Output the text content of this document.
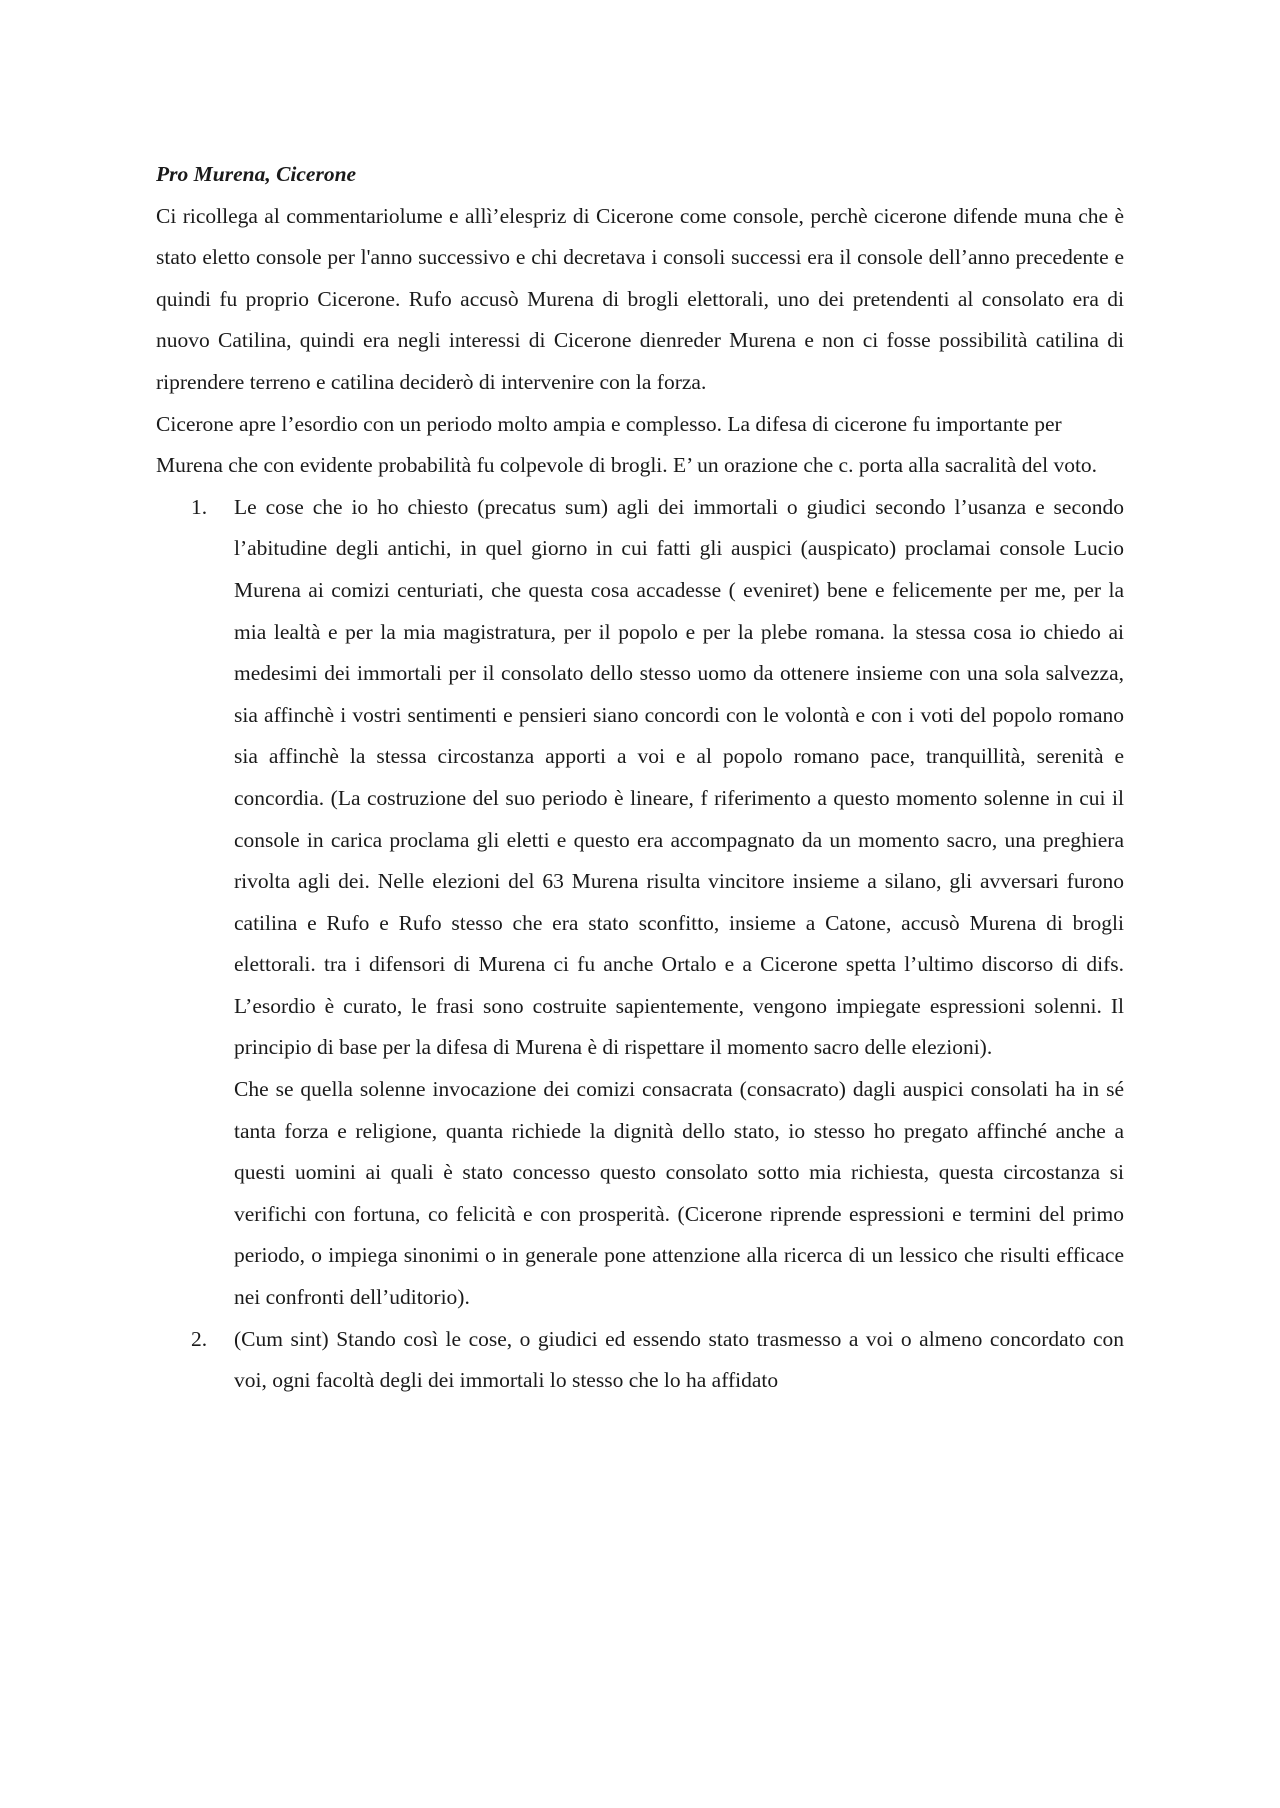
Pro Murena, Cicerone

Ci ricollega al commentariolume e allì’elespriz di Cicerone come console, perchè cicerone difende muna che è stato eletto console per l'anno successivo e chi decretava i consoli successi era il console dell’anno precedente e quindi fu proprio Cicerone. Rufo accusò Murena di brogli elettorali, uno dei pretendenti al consolato era di nuovo Catilina, quindi era negli interessi di Cicerone dienreder Murena e non ci fosse possibilità catilina di riprendere terreno e catilina deciderò di intervenire con la forza.

Cicerone apre l’esordio con un periodo molto ampia e complesso. La difesa di cicerone fu importante per Murena che con evidente probabilità fu colpevole di brogli. E’ un orazione che c. porta alla sacralità del voto.

1. Le cose che io ho chiesto (precatus sum) agli dei immortali o giudici secondo l’usanza e secondo l’abitudine degli antichi, in quel giorno in cui fatti gli auspici (auspicato) proclamai console Lucio Murena ai comizi centuriati, che questa cosa accadesse ( eveniret) bene e felicemente per me, per la mia lealtà e per la mia magistratura, per il popolo e per la plebe romana. la stessa cosa io chiedo ai medesimi dei immortali per il consolato dello stesso uomo da ottenere insieme con una sola salvezza, sia affinchè i vostri sentimenti e pensieri siano concordi con le volontà e con i voti del popolo romano sia affinchè la stessa circostanza apporti a voi e al popolo romano pace, tranquillità, serenità e concordia. (La costruzione del suo periodo è lineare, f riferimento a questo momento solenne in cui il console in carica proclama gli eletti e questo era accompagnato da un momento sacro, una preghiera rivolta agli dei. Nelle elezioni del 63 Murena risulta vincitore insieme a silano, gli avversari furono catilina e Rufo e Rufo stesso che era stato sconfitto, insieme a Catone, accusò Murena di brogli elettorali. tra i difensori di Murena ci fu anche Ortalo e a Cicerone spetta l’ultimo discorso di difs. L’esordio è curato, le frasi sono costruite sapientemente, vengono impiegate espressioni solenni. Il principio di base per la difesa di Murena è di rispettare il momento sacro delle elezioni).

Che se quella solenne invocazione dei comizi consacrata (consacrato) dagli auspici consolati ha in sé tanta forza e religione, quanta richiede la dignità dello stato, io stesso ho pregato affinché anche a questi uomini ai quali è stato concesso questo consolato sotto mia richiesta, questa circostanza si verifichi con fortuna, co felicità e con prosperità. (Cicerone riprende espressioni e termini del primo periodo, o impiega sinonimi o in generale pone attenzione alla ricerca di un lessico che risulti efficace nei confronti dell’uditorio).

2. (Cum sint) Stando così le cose, o giudici ed essendo stato trasmesso a voi o almeno concordato con voi, ogni facoltà degli dei immortali lo stesso che lo ha affidato
